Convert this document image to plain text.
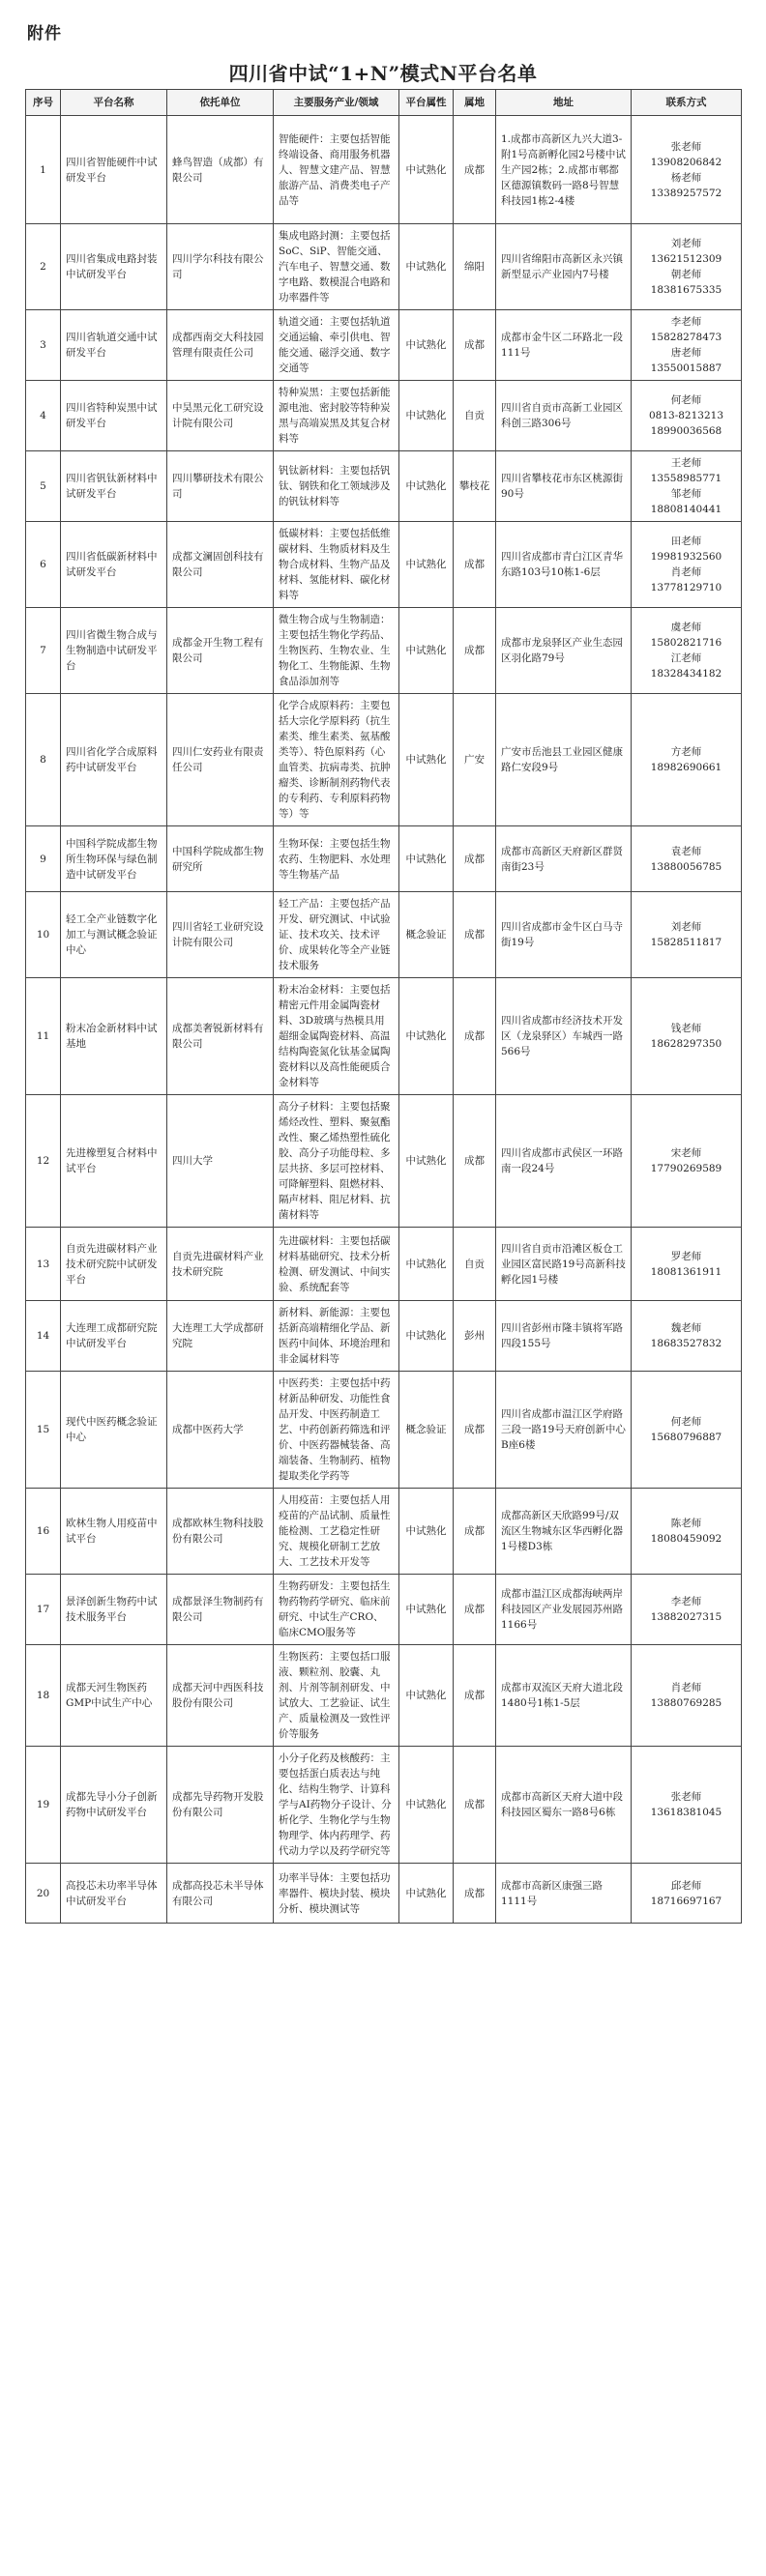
附件
四川省中试“1+N”模式N平台名单
序号	平台名称	依托单位	主要服务产业/领域	平台属性	属地	地址	联系方式
1	四川省智能硬件中试研发平台	蜂鸟智造（成都）有限公司	智能硬件：主要包括智能终端设备、商用服务机器人、智慧文建产品、智慧旅游产品、消费类电子产品等	中试熟化	成都	1.成都市高新区九兴大道3-附1号高新孵化园2号楼中试生产园2栋；2.成都市郫都区德源镇数码一路8号智慧科技园1栋2-4楼	张老师
13908206842
杨老师
13389257572

2	四川省集成电路封装中试研发平台	四川学尔科技有限公司	集成电路封测：主要包括SoC、SiP、智能交通、汽车电子、智慧交通、数字电路、数模混合电路和功率器件等	中试熟化	绵阳	四川省绵阳市高新区永兴镇新型显示产业园内7号楼	刘老师
13621512309
朝老师
18381675335

3	四川省轨道交通中试研发平台	成都西南交大科技园管理有限责任公司	轨道交通：主要包括轨道交通运输、牵引供电、智能交通、磁浮交通、数字交通等	中试熟化	成都	成都市金牛区二环路北一段111号	李老师
15828278473
唐老师
13550015887

4	四川省特种炭黑中试研发平台	中昊黑元化工研究设计院有限公司	特种炭黑：主要包括新能源电池、密封胶等特种炭黑与高端炭黑及其复合材料等	中试熟化	自贡	四川省自贡市高新工业园区科创三路306号	何老师
0813-8213213
18990036568

5	四川省钒钛新材料中试研发平台	四川攀研技术有限公司	钒钛新材料：主要包括钒钛、钢铁和化工领域涉及的钒钛材料等	中试熟化	攀枝花	四川省攀枝花市东区桃源街90号	王老师
13558985771
邹老师
18808140441

6	四川省低碳新材料中试研发平台	成都文澜固创科技有限公司	低碳材料：主要包括低维碳材料、生物质材料及生物合成材料、生物产品及材料、氢能材料、碳化材料等	中试熟化	成都	四川省成都市青白江区青华东路103号10栋1-6层	田老师
19981932560
肖老师
13778129710

7	四川省微生物合成与生物制造中试研发平台	成都金开生物工程有限公司	微生物合成与生物制造：主要包括生物化学药品、生物医药、生物农业、生物化工、生物能源、生物食品添加剂等	中试熟化	成都	成都市龙泉驿区产业生态园区羽化路79号	虞老师
15802821716
江老师
18328434182

8	四川省化学合成原料药中试研发平台	四川仁安药业有限责任公司	化学合成原料药：主要包括大宗化学原料药（抗生素类、维生素类、氨基酸类等）、特色原料药（心血管类、抗病毒类、抗肿瘤类、诊断制剂药物代表的专利药、专利原料药物等）等	中试熟化	广安	广安市岳池县工业园区健康路仁安段9号	方老师
18982690661

9	中国科学院成都生物所生物环保与绿色制造中试研发平台	中国科学院成都生物研究所	生物环保：主要包括生物农药、生物肥料、水处理等生物基产品	中试熟化	成都	成都市高新区天府新区群贤南街23号	袁老师
13880056785

10	轻工全产业链数字化加工与测试概念验证中心	四川省轻工业研究设计院有限公司	轻工产品：主要包括产品开发、研究测试、中试验证、技术攻关、技术评价、成果转化等全产业链技术服务	概念验证	成都	四川省成都市金牛区白马寺街19号	刘老师
15828511817

11	粉末冶金新材料中试基地	成都美奢锐新材料有限公司	粉末冶金材料：主要包括精密元件用金属陶瓷材料、3D玻璃与热模具用超细金属陶瓷材料、高温结构陶瓷氮化钛基金属陶瓷材料以及高性能硬质合金材料等	中试熟化	成都	四川省成都市经济技术开发区（龙泉驿区）车城西一路566号	钱老师
18628297350

12	先进橡塑复合材料中试平台	四川大学	高分子材料：主要包括聚烯烃改性、塑料、聚氨酯改性、聚乙烯热塑性硫化胶、高分子功能母粒、多层共挤、多层可控材料、可降解塑料、阻燃材料、隔声材料、阻尼材料、抗菌材料等	中试熟化	成都	四川省成都市武侯区一环路南一段24号	宋老师
17790269589

13	自贡先进碳材料产业技术研究院中试研发平台	自贡先进碳材料产业技术研究院	先进碳材料：主要包括碳材料基础研究、技术分析检测、研发测试、中间实验、系统配套等	中试熟化	自贡	四川省自贡市沿滩区板仓工业园区富民路19号高新科技孵化园1号楼	罗老师
18081361911

14	大连理工成都研究院中试研发平台	大连理工大学成都研究院	新材料、新能源：主要包括新高端精细化学品、新医药中间体、环境治理和非金属材料等	中试熟化	彭州	四川省彭州市隆丰镇将军路四段155号	魏老师
18683527832

15	现代中医药概念验证中心	成都中医药大学	中医药类：主要包括中药材新品种研发、功能性食品开发、中医药制造工艺、中药创新药筛选和评价、中医药器械装备、高端装备、生物制药、植物提取类化学药等	概念验证	成都	四川省成都市温江区学府路三段一路19号天府创新中心B座6楼	何老师
15680796887

16	欧林生物人用疫苗中试平台	成都欧林生物科技股份有限公司	人用疫苗：主要包括人用疫苗的产品试制、质量性能检测、工艺稳定性研究、规模化研制工艺放大、工艺技术开发等	中试熟化	成都	成都高新区天欣路99号/双流区生物城东区华西孵化器1号楼D3栋	陈老师
18080459092

17	景泽创新生物药中试技术服务平台	成都景泽生物制药有限公司	生物药研发：主要包括生物药物药学研究、临床前研究、中试生产CRO、临床CMO服务等	中试熟化	成都	成都市温江区成都海峡两岸科技园区产业发展园苏州路1166号	李老师
13882027315

18	成都天河生物医药GMP中试生产中心	成都天河中西医科技股份有限公司	生物医药：主要包括口服液、颗粒剂、胶囊、丸剂、片剂等制剂研发、中试放大、工艺验证、试生产、质量检测及一致性评价等服务	中试熟化	成都	成都市双流区天府大道北段1480号1栋1-5层	肖老师
13880769285

19	成都先导小分子创新药物中试研发平台	成都先导药物开发股份有限公司	小分子化药及核酸药：主要包括蛋白质表达与纯化、结构生物学、计算科学与AI药物分子设计、分析化学、生物化学与生物物理学、体内药理学、药代动力学以及药学研究等	中试熟化	成都	成都市高新区天府大道中段科技园区蜀东一路8号6栋	张老师
13618381045

20	高投芯未功率半导体中试研发平台	成都高投芯未半导体有限公司	功率半导体：主要包括功率器件、模块封装、模块分析、模块测试等	中试熟化	成都	成都市高新区康强三路1111号	邱老师
18716697167
